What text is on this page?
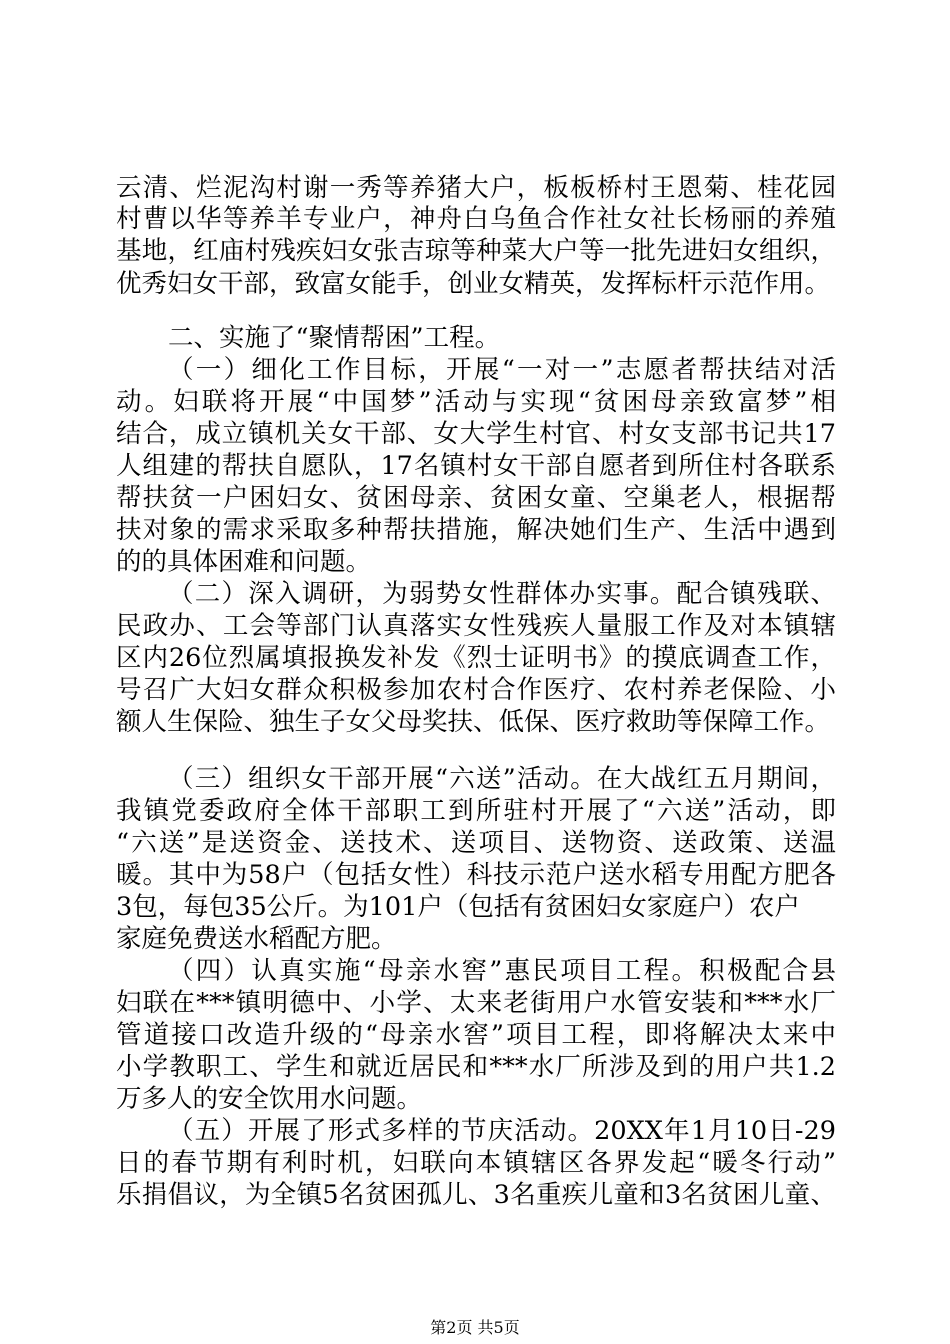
云清、烂泥沟村谢一秀等养猪大户，板板桥村王恩菊、桂花园
村曹以华等养羊专业户，神舟白乌鱼合作社女社长杨丽的养殖
基地，红庙村残疾妇女张吉琼等种菜大户等一批先进妇女组织，
优秀妇女干部，致富女能手，创业女精英，发挥标杆示范作用。
二、实施了“聚情帮困”工程。
（一）细化工作目标，开展“一对一”志愿者帮扶结对活
动。妇联将开展“中国梦”活动与实现“贫困母亲致富梦”相
结合，成立镇机关女干部、女大学生村官、村女支部书记共17
人组建的帮扶自愿队，17名镇村女干部自愿者到所住村各联系
帮扶贫一户困妇女、贫困母亲、贫困女童、空巢老人，根据帮
扶对象的需求采取多种帮扶措施，解决她们生产、生活中遇到
的的具体困难和问题。
（二）深入调研，为弱势女性群体办实事。配合镇残联、
民政办、工会等部门认真落实女性残疾人量服工作及对本镇辖
区内26位烈属填报换发补发《烈士证明书》的摸底调查工作，
号召广大妇女群众积极参加农村合作医疗、农村养老保险、小
额人生保险、独生子女父母奖扶、低保、医疗救助等保障工作。
（三）组织女干部开展“六送”活动。在大战红五月期间，
我镇党委政府全体干部职工到所驻村开展了“六送”活动，即
“六送”是送资金、送技术、送项目、送物资、送政策、送温
暖。其中为58户（包括女性）科技示范户送水稻专用配方肥各
3包，每包35公斤。为101户（包括有贫困妇女家庭户）农户
家庭免费送水稻配方肥。
（四）认真实施“母亲水窖”惠民项目工程。积极配合县
妇联在***镇明德中、小学、太来老街用户水管安装和***水厂
管道接口改造升级的“母亲水窖”项目工程，即将解决太来中
小学教职工、学生和就近居民和***水厂所涉及到的用户共1.2
万多人的安全饮用水问题。
（五）开展了形式多样的节庆活动。20XX年1月10日-29
日的春节期有利时机，妇联向本镇辖区各界发起“暖冬行动”
乐捐倡议，为全镇5名贫困孤儿、3名重疾儿童和3名贫困儿童、
第2页 共5页
